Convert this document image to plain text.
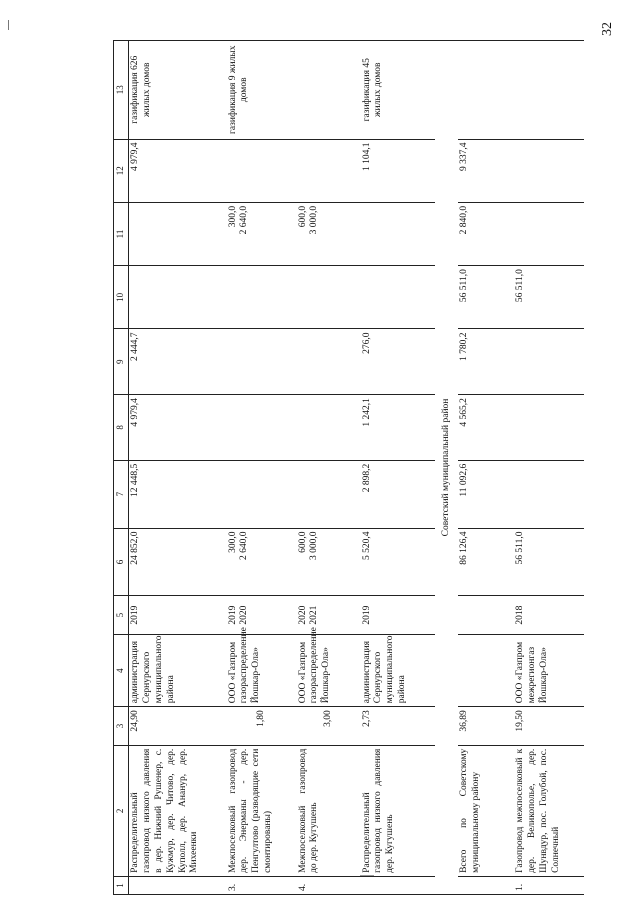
32
1	2	3	4	5	6	7	8	9	10	11	12	13
	Распределительный газопровод низкого давления в дер. Нижний Рушенер, с. Кужмур, дер. Читово, дер. Куполл, дер. Ананур, дер. Михеенки	24,90	администрация Сернурского муниципального района	2019	24 852,0	12 448,5	4 979,4	2 444,7			4 979,4	газификация 626 жилых домов
3.	Межпоселковый газопровод дер. Энерманы - дер. Пенгултово (разводящие сети смонтированы)	1,80	ООО «Газпром газораспределение Йошкар-Ола»	2019 2020	300,0 2 640,0					300,0 2 640,0		газификация 9 жилых домов
4.	Межпоселковый газопровод до дер. Кугушень	3,00	ООО «Газпром газораспределение Йошкар-Ола»	2020 2021	600,0 3 000,0					600,0 3 000,0		

	Распределительный газопровод низкого давления дер. Кугушень	2,73	администрация Сернурского муниципального района	2019	5 520,4	2 898,2	1 242,1	276,0			1 104,1	газификация 45 жилых домов
Советский муниципальный район												
	Всего по Советскому муниципальному району	36,89			86 126,4	11 092,6	4 565,2	1 780,2	56 511,0	2 840,0	9 337,4	
1.	Газопровод межпоселковый к дер. Великополье, дер. Шунвдур, пос. Голубой, пос. Солнечный	19,50	ООО «Газпром межрегионгаз Йошкар-Ола»	2018	56 511,0				56 511,0			
